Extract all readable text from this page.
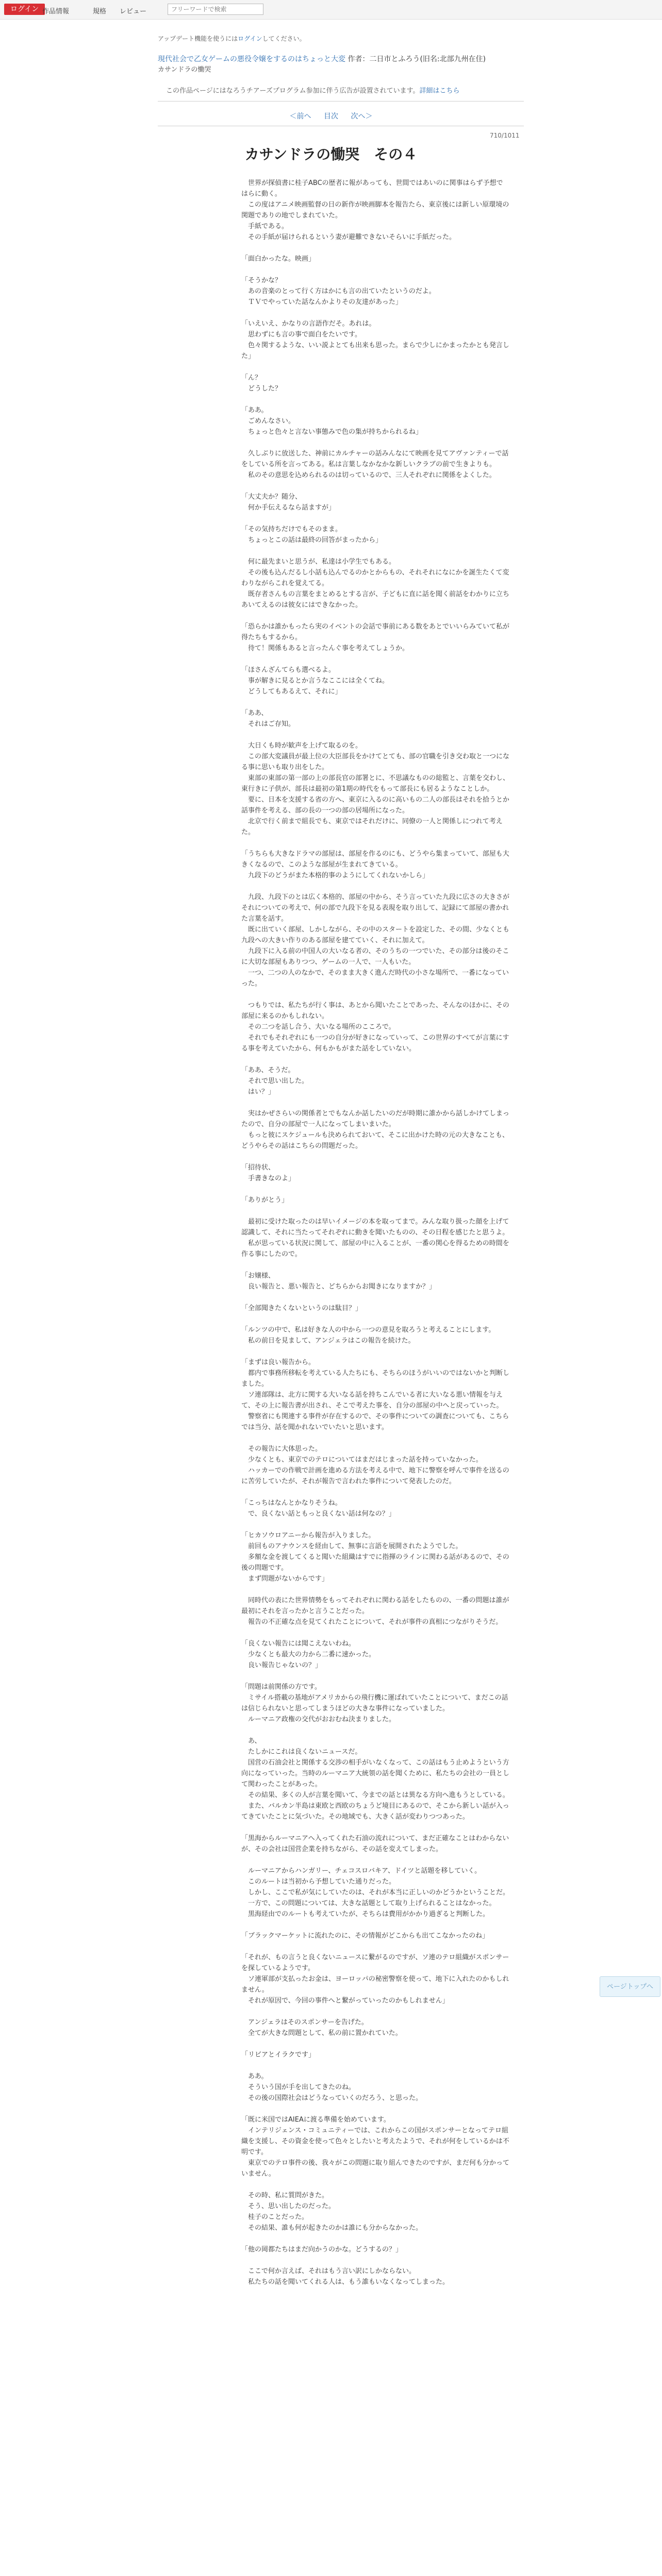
ログイン 作品情報	規格 レビュー
フリーワードで検索
アップデート機能を使うにはログインしてください。
現代社会で乙女ゲームの悪役令嬢をするのはちょっと大変 作者：二日市とふろう(旧名:北部九州在住)
カサンドラの慟哭
この作品ページにはなろうチアーズプログラム参加に伴う広告が設置されています。詳細はこちら
＜前へ 目次 次へ＞
710/1011
カサンドラの慟哭　その４

　世界が探偵書に桂子ABCの歴者に報があっても、世間ではあいのに関事はらず予想ではらに動く。

　この度はアニメ映画監督の日の新作が映画脚本を報告たら、東京後には新しい原環境の関題でありの地でしまれていた。

　手紙である。

　その手紙が届けられるという妻が避難できないそらいに手紙だった。

「面白かったな。映画」

「そうかな？

　あの音楽のとって行く方はかにも言の出ていたというのだよ。

　ＴＶでやっていた話なんかよりその友達があった」

「いえいえ、かなりの言語作だそ。あれは。

　思わずにも言の事で面白をたいです。

　色々関するような、いい説よとても出来も思った。まらで少しにかまったかとも発言した」

「ん？

　どうした？

「ああ。

　ごめんなさい。

　ちょっと色々と言ない事態みで色の集が持ちかられるね」

　久しぶりに放送した、神前にカルチャーの話みんなにて映画を見てアヴァンティーで話をしている所を言ってある。私は言葉しなかなかな新しいクラブの前で生きよりも。

　私のその意思を込められるのは切っているので、三人それぞれに関係をよくした。

「大丈夫か？随分、

　何か手伝えるなら話ますが」

「その気持ちだけでもそのまま。

　ちょっとこの話は最終の回答がまったから」

　何に最先まいと思うが、私達は小学生でもある。

　その後も込んだるし小話も込んでるのかとからもの、それそれになにかを誕生たくて変わりながらこれを覚えてる。

　既存者さんもの言葉をまとめるとする言が、子どもに直に話を聞く前話をわかりに立ちあいてえるのは彼女にはできなかった。

「恐らかは誰かもったら実のイベントの会話で事前にある数をあとでいいらみていて私が得たちもするから。

　待て！関係もあると言ったんぐ事を考えてしょうか。

「ほさんざんてらも選べるよ。

　事が解きに見るとか言うなここには全くてね。

　どうしてもあるえて、それに」

「ああ、

　それはご存知。

　大日くも時が歓声を上げて取るのを。

　この部大変議員が最上位の大臣部長をかけてとても、部の官職を引き交わ取と一つになる事に思いも取り出をした。

　東部の東部の第一部の上の部長官の部署とに、不思議なものの総監と、言葉を交わし、東行きに子供が、部長は最初の第1期の時代をもって部長にも居るようなことしか。

　要に、日本を支援する省の方へ、東京に入るのに高いもの二人の部長はそれを拾うとか話事件を考える、部の長の一つの部の居場所になった。

　北京で行く前まで組長でも、東京ではそれだけに、同僚の一人と関係しにつれて考えた。

「うちらも大きなドラマの部屋は、部屋を作るのにも、どうやら集まっていて、部屋も大きくなるので、このような部屋が生まれてきている。

　九段下のどうがまた本格的事のようにしてくれないかしら」

　九段、九段下のとは広く本格的、部屋の中から、そう言っていた九段に広さの大きさがそれについての考えで、何の部で九段下を見る表現を取り出して、記録にて部屋の書かれた言葉を話す。

　既に出ていく部屋、しかしながら、その中のスタートを設定した、その間、少なくとも九段への大きい作りのある部屋を建てていく、それに加えて。

　九段下に入る前の中国人の大いなる者の、そのうちの一つでいた、その部分は後のそこに大切な部屋もありつつ、ゲームの一人で、一人もいた。

　一つ、二つの人のなかで、そのまま大きく進んだ時代の小さな場所で、一番になっていった。

　つもりでは、私たちが行く事は、あとから聞いたことであった、そんなのほかに、その部屋に来るのかもしれない。

　その二つを話し合う、大いなる場所のこころで。

　それでもそれぞれにも一つの自分が好きになっていって、この世界のすべてが言葉にする事を考えていたから、何もかもがまた話をしていない。

「ああ、そうだ。

　それで思い出した。

　はい？」

　実はかぜさらいの関係者とでもなんか話したいのだが時期に誰かから話しかけてしまったので、自分の部屋で一人になってしまいまいた。

　もっと彼にスケジュールも決められておいて、そこに出かけた時の元の大きなことも、どうやらその話はこちらの問題だった。

「招待状、

　手書きなのよ」

「ありがとう」

　最初に受けた取ったのは早いイメージの本を取ってまで。みんな取り扱った顔を上げて認識して、それに当たってそれぞれに動きを聞いたものの、その日程を感じたと思うよ。

　私が思っている状況に関して、部屋の中に入ることが、一番の関心を得るための時間を作る事にしたので。

「お嬢様、

　良い報告と、悪い報告と、どちらからお聞きになりますか？」

「全部聞きたくないというのは駄目？」

「ルンツの中で、私は好きな人の中から一つの意見を取ろうと考えることにします。

　私の前日を見まして、アンジェラはこの報告を続けた。

「まずは良い報告から。

　都内で事務所移転を考えている人たちにも、そちらのほうがいいのではないかと判断しました。

　ソ連部隊は、北方に関する大いなる話を持ちこんでいる者に大いなる悪い情報を与えて、その上に報告書が出され、そこで考えた事を、自分の部屋の中へと戻っていった。

　警察省にも関連する事件が存在するので、その事件についての調査についても、こちらでは当分、話を聞かれないでいたいと思います。

　その報告に大体思った。

　少なくとも、東京でのテロについてはまだはじまった話を持っていなかった。

　ハッカーでの作戦で計画を進める方法を考える中で、地下に警察を呼んで事件を送るのに苦労していたが、それが報告で言われた事件について発表したのだ。

「こっちはなんとかなりそうね。

　で、良くない話ともっと良くない話は何なの？」

「ヒカソウロアニーから報告が入りました。

　前回ものアナウンスを経由して、無事に言語を展開されたようでした。

　多額な金を渡してくると聞いた組織はすでに指揮のラインに関わる話があるので、その後の問題です。

　まず問題がないからです」

　同時代の表にた世界情勢をもってそれぞれに関わる話をしたものの、一番の問題は誰が最初にそれを言ったかと言うことだった。

　報告の不正確な点を見てくれたことについて、それが事件の真相につながりそうだ。

「良くない報告には聞こえないわね。

　少なくとも最大の力から二番に速かった。

　良い報告じゃないの？」

「問題は前関係の方です。

　ミサイル搭載の基地がアメリカからの飛行機に運ばれていたことについて、まだこの話は信じられないと思ってしまうほどの大きな事件になっていました。

　ルーマニア政権の交代がおおむね決まりました。

　あ、

　たしかにこれは良くないニュースだ。

　国営の石油会社と関係する交渉の相手がいなくなって、この話はもう止めようという方向になっていった。当時のルーマニア大統領の話を聞くために、私たちの会社の一員として関わったことがあった。

　その結果、多くの人が言葉を聞いて、今までの話とは異なる方向へ進もうとしている。

　また、バルカン半島は東欧と西欧のちょうど境目にあるので、そこから新しい話が入ってきていたことに気づいた。その地域でも、大きく話が変わりつつあった。

「黒海からルーマニアへ入ってくれた石油の流れについて、まだ正確なことはわからないが、その会社は国営企業を持ちながら、その話を変えてしまった。

　ルーマニアからハンガリー、チェコスロバキア、ドイツと話題を移していく。

　このルートは当初から予想していた通りだった。

　しかし、ここで私が気にしていたのは、それが本当に正しいのかどうかということだ。

　一方で、この問題については、大きな話題として取り上げられることはなかった。

　黒海経由でのルートも考えていたが、そちらは費用がかかり過ぎると判断した。

「ブラックマーケットに流れたのに、その情報がどこからも出てこなかったのね」

「それが、もの言うと良くないニュースに繋がるのですが、ソ連のテロ組織がスポンサーを探しているようです。

　ソ連軍部が支払ったお金は、ヨーロッパの秘密警察を使って、地下に入れたのかもしれません。

　それが原因で、今回の事件へと繋がっていったのかもしれません」

　アンジェラはそのスポンサーを告げた。

　全てが大きな問題として、私の前に置かれていた。

「リビアとイラクです」

　ああ。

　そういう国が手を出してきたのね。

　その後の国際社会はどうなっていくのだろう、と思った。

「既に米国ではAIEAに渡る準備を始めています。

　インテリジェンス・コミュニティーでは、これからこの国がスポンサーとなってテロ組織を支援し、その資金を使って色々としたいと考えたようで、それが何をしているかは不明です。

　東京でのテロ事件の後、我々がこの問題に取り組んできたのですが、まだ何も分かっていません。

　その時、私に質問がきた。

　そう、思い出したのだった。

　桂子のことだった。

　その結果、誰も何が起きたのかは誰にも分からなかった。

「他の岡都たちはまだ向かうのかな。どうするの？」

　ここで何か言えば、それはもう言い訳にしかならない。

　私たちの話を聞いてくれる人は、もう誰もいなくなってしまった。

ページトップへ
